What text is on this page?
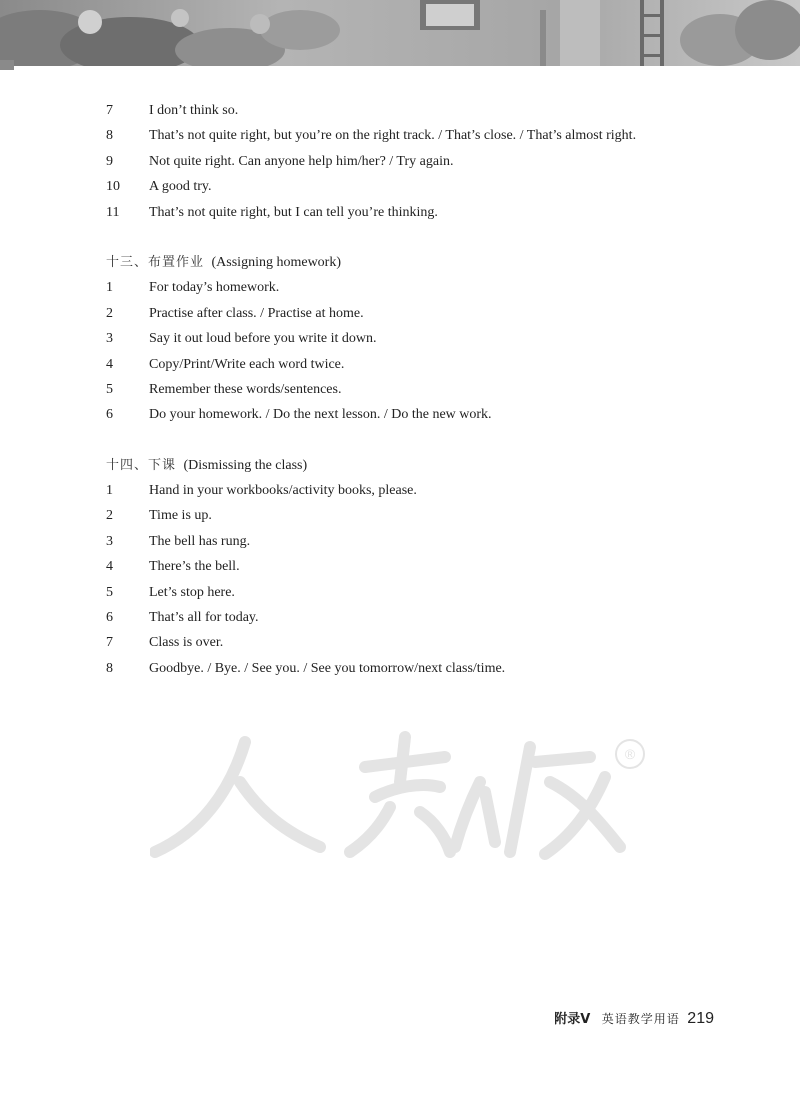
®
7	I don’t think so.
8	That’s not quite right, but you’re on the right track. / That’s close. / That’s almost right.
9	Not quite right. Can anyone help him/her? / Try again.
10	A good try.
11	That’s not quite right, but I can tell you’re thinking.
十三、布置作业 (Assigning homework)
1	For today’s homework.
2	Practise after class. / Practise at home.
3	Say it out loud before you write it down.
4	Copy/Print/Write each word twice.
5	Remember these words/sentences.
6	Do your homework. / Do the next lesson. / Do the new work.
十四、下课 (Dismissing the class)
1	Hand in your workbooks/activity books, please.
2	Time is up.
3	The bell has rung.
4	There’s the bell.
5	Let’s stop here.
6	That’s all for today.
7	Class is over.
8	Goodbye. / Bye. / See you. / See you tomorrow/next class/time.
附录V 英语教学用语 219
